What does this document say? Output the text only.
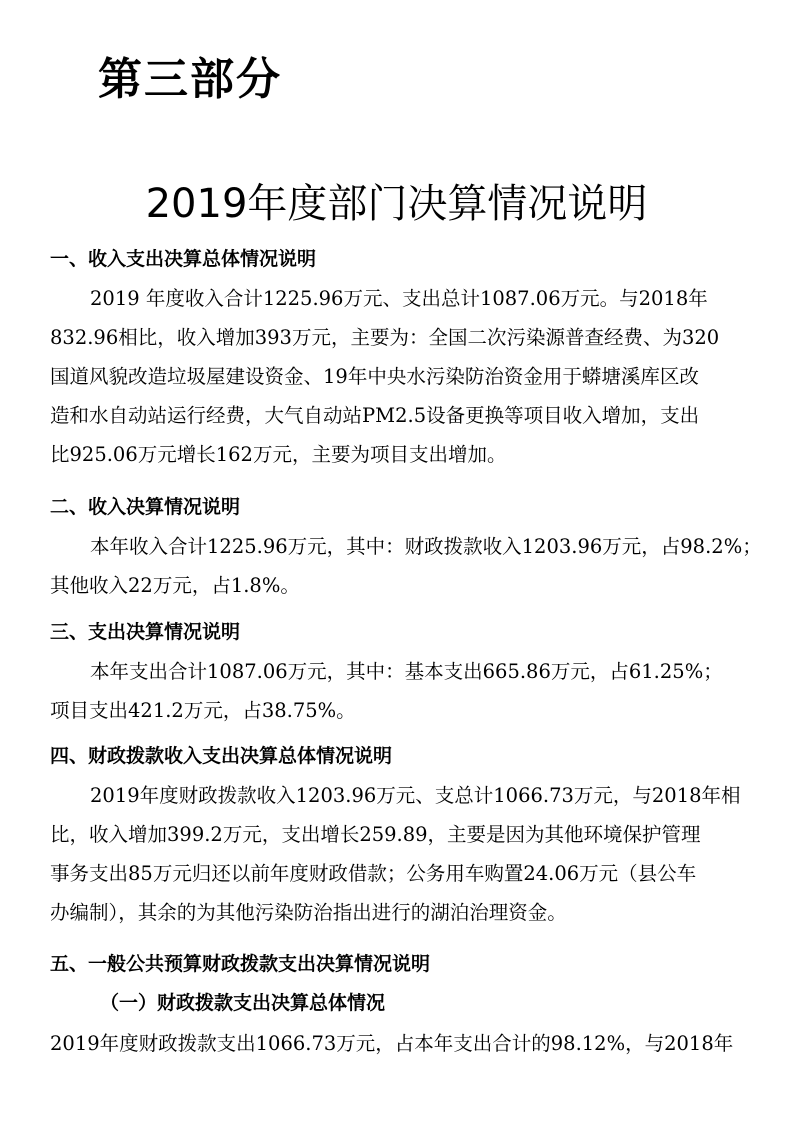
第三部分
2019年度部门决算情况说明
一、收入支出决算总体情况说明
2019 年度收入合计1225.96万元、支出总计1087.06万元。与2018年
832.96相比，收入增加393万元，主要为：全国二次污染源普查经费、为320
国道风貌改造垃圾屋建设资金、19年中央水污染防治资金用于蟒塘溪库区改
造和水自动站运行经费，大气自动站PM2.5设备更换等项目收入增加，支出
比925.06万元增长162万元，主要为项目支出增加。
二、收入决算情况说明
本年收入合计1225.96万元，其中：财政拨款收入1203.96万元，占98.2%；
其他收入22万元，占1.8%。
三、支出决算情况说明
本年支出合计1087.06万元，其中：基本支出665.86万元，占61.25%；
项目支出421.2万元，占38.75%。
四、财政拨款收入支出决算总体情况说明
2019年度财政拨款收入1203.96万元、支总计1066.73万元，与2018年相
比，收入增加399.2万元，支出增长259.89，主要是因为其他环境保护管理
事务支出85万元归还以前年度财政借款；公务用车购置24.06万元（县公车
办编制），其余的为其他污染防治指出进行的湖泊治理资金。
五、一般公共预算财政拨款支出决算情况说明
（一）财政拨款支出决算总体情况
2019年度财政拨款支出1066.73万元，占本年支出合计的98.12%，与2018年
